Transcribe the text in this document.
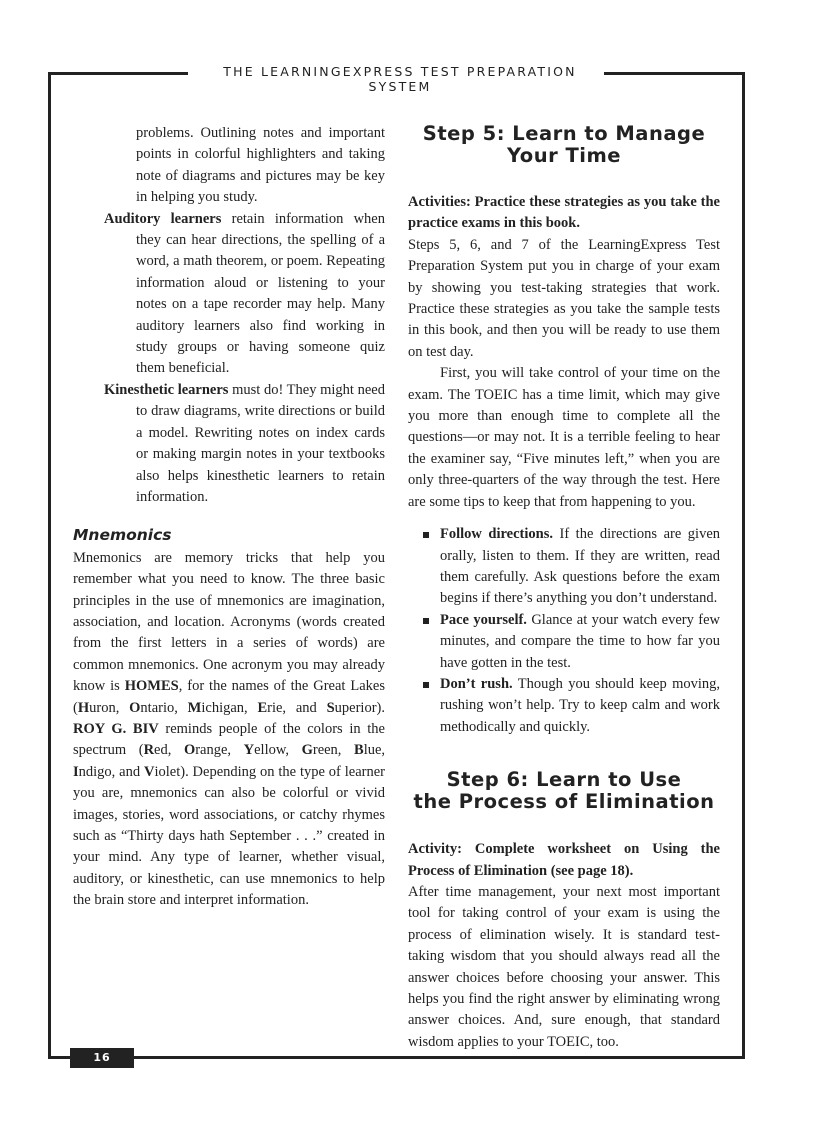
THE LEARNINGEXPRESS TEST PREPARATION SYSTEM
16

problems. Outlining notes and important points in colorful highlighters and taking note of diagrams and pictures may be key in helping you study.

Auditory learners retain information when they can hear directions, the spelling of a word, a math theorem, or poem. Repeating information aloud or listening to your notes on a tape recorder may help. Many auditory learners also find working in study groups or having someone quiz them beneficial.

Kinesthetic learners must do! They might need to draw diagrams, write directions or build a model. Rewriting notes on index cards or making margin notes in your textbooks also helps kinesthetic learners to retain information.

Mnemonics

Mnemonics are memory tricks that help you remember what you need to know. The three basic principles in the use of mnemonics are imagination, association, and location. Acronyms (words created from the first letters in a series of words) are common mnemonics. One acronym you may already know is HOMES, for the names of the Great Lakes (Huron, Ontario, Michigan, Erie, and Superior). ROY G. BIV reminds people of the colors in the spectrum (Red, Orange, Yellow, Green, Blue, Indigo, and Violet). Depending on the type of learner you are, mnemonics can also be colorful or vivid images, stories, word associations, or catchy rhymes such as “Thirty days hath September . . .” created in your mind. Any type of learner, whether visual, auditory, or kinesthetic, can use mnemonics to help the brain store and interpret information.

Step 5: Learn to Manage
Your Time

Activities: Practice these strategies as you take the practice exams in this book.

Steps 5, 6, and 7 of the LearningExpress Test Preparation System put you in charge of your exam by showing you test-taking strategies that work. Practice these strategies as you take the sample tests in this book, and then you will be ready to use them on test day.

First, you will take control of your time on the exam. The TOEIC has a time limit, which may give you more than enough time to complete all the questions—or may not. It is a terrible feeling to hear the examiner say, “Five minutes left,” when you are only three-quarters of the way through the test. Here are some tips to keep that from happening to you.

Follow directions. If the directions are given orally, listen to them. If they are written, read them carefully. Ask questions before the exam begins if there’s anything you don’t understand.
Pace yourself. Glance at your watch every few minutes, and compare the time to how far you have gotten in the test.
Don’t rush. Though you should keep moving, rushing won’t help. Try to keep calm and work methodically and quickly.
Step 6: Learn to Use
the Process of Elimination

Activity: Complete worksheet on Using the Process of Elimination (see page 18).

After time management, your next most important tool for taking control of your exam is using the process of elimination wisely. It is standard test-taking wisdom that you should always read all the answer choices before choosing your answer. This helps you find the right answer by eliminating wrong answer choices. And, sure enough, that standard wisdom applies to your TOEIC, too.
